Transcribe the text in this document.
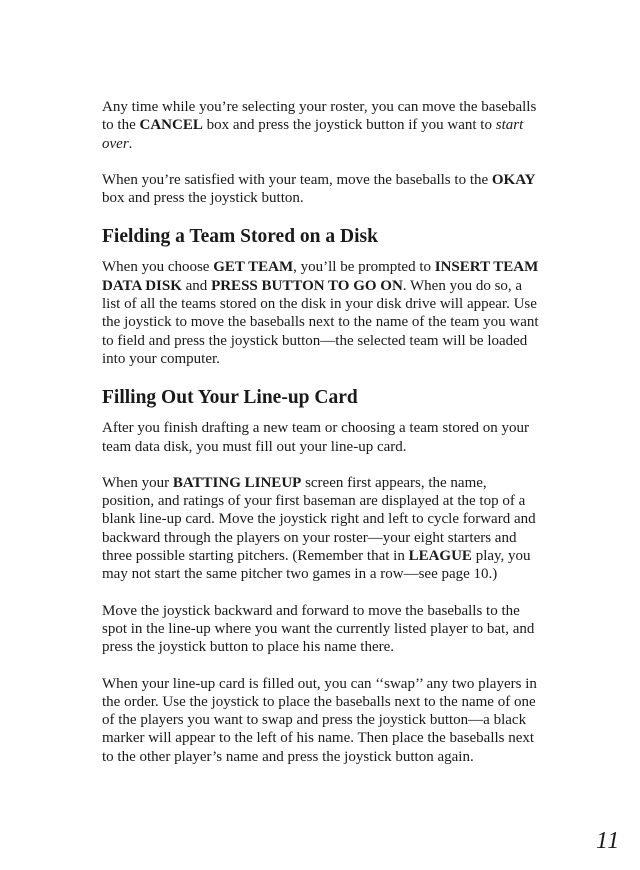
Any time while you’re selecting your roster, you can move the baseballs to the CANCEL box and press the joystick button if you want to start over.

When you’re satisfied with your team, move the baseballs to the OKAY box and press the joystick button.

Fielding a Team Stored on a Disk

When you choose GET TEAM, you’ll be prompted to INSERT TEAM DATA DISK and PRESS BUTTON TO GO ON. When you do so, a list of all the teams stored on the disk in your disk drive will appear. Use the joystick to move the baseballs next to the name of the team you want to field and press the joystick button—the selected team will be loaded into your computer.

Filling Out Your Line-up Card

After you finish drafting a new team or choosing a team stored on your team data disk, you must fill out your line-up card.

When your BATTING LINEUP screen first appears, the name, position, and ratings of your first baseman are displayed at the top of a blank line-up card. Move the joystick right and left to cycle forward and backward through the players on your roster—your eight starters and three possible starting pitchers. (Remember that in LEAGUE play, you may not start the same pitcher two games in a row—see page 10.)

Move the joystick backward and forward to move the baseballs to the spot in the line-up where you want the currently listed player to bat, and press the joystick button to place his name there.

When your line-up card is filled out, you can ‘‘swap’’ any two players in the order. Use the joystick to place the baseballs next to the name of one of the players you want to swap and press the joystick button—a black marker will appear to the left of his name. Then place the baseballs next to the other player’s name and press the joystick button again.

11
